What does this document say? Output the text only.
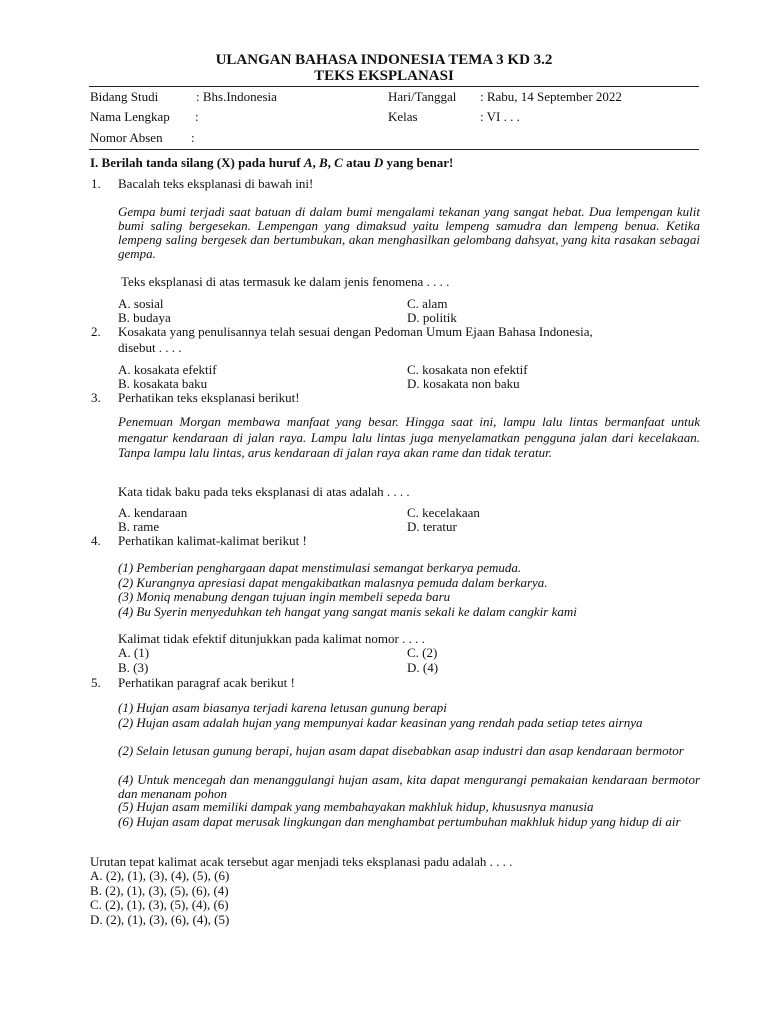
ULANGAN BAHASA INDONESIA TEMA 3 KD 3.2
TEKS EKSPLANASI
Bidang Studi	: Bhs.Indonesia	Hari/Tanggal : Rabu, 14 September 2022
Nama Lengkap :	Kelas	: VI . . .
Nomor Absen :
I. Berilah tanda silang (X) pada huruf A, B, C atau D yang benar!
1. Bacalah teks eksplanasi di bawah ini!
Gempa bumi terjadi saat batuan di dalam bumi mengalami tekanan yang sangat hebat. Dua lempengan kulit bumi saling bergesekan. Lempengan yang dimaksud yaitu lempeng samudra dan lempeng benua. Ketika lempeng saling bergesek dan bertumbukan, akan menghasilkan gelombang dahsyat, yang kita rasakan sebagai gempa.
Teks eksplanasi di atas termasuk ke dalam jenis fenomena . . . .
A. sosial
B. budaya
C. alam
D. politik
2. Kosakata yang penulisannya telah sesuai dengan Pedoman Umum Ejaan Bahasa Indonesia,
disebut . . . .
A. kosakata efektif
B. kosakata baku
C. kosakata non efektif
D. kosakata non baku
3. Perhatikan teks eksplanasi berikut!
Penemuan Morgan membawa manfaat yang besar. Hingga saat ini, lampu lalu lintas bermanfaat untuk mengatur kendaraan di jalan raya. Lampu lalu lintas juga menyelamatkan pengguna jalan dari kecelakaan. Tanpa lampu lalu lintas, arus kendaraan di jalan raya akan rame dan tidak teratur.
Kata tidak baku pada teks eksplanasi di atas adalah . . . .
A. kendaraan
B. rame
C. kecelakaan
D. teratur
4. Perhatikan kalimat-kalimat berikut !
(1) Pemberian penghargaan dapat menstimulasi semangat berkarya pemuda.
(2) Kurangnya apresiasi dapat mengakibatkan malasnya pemuda dalam berkarya.
(3) Moniq menabung dengan tujuan ingin membeli sepeda baru
(4) Bu Syerin menyeduhkan teh hangat yang sangat manis sekali ke dalam cangkir kami
Kalimat tidak efektif ditunjukkan pada kalimat nomor . . . .
A. (1)
B. (3)
C. (2)
D. (4)
5. Perhatikan paragraf acak berikut !
(1) Hujan asam biasanya terjadi karena letusan gunung berapi
(2) Hujan asam adalah hujan yang mempunyai kadar keasinan yang rendah pada setiap tetes airnya
(2) Selain letusan gunung berapi, hujan asam dapat disebabkan asap industri dan asap kendaraan bermotor
(4) Untuk mencegah dan menanggulangi hujan asam, kita dapat mengurangi pemakaian kendaraan bermotor dan menanam pohon
(5) Hujan asam memiliki dampak yang membahayakan makhluk hidup, khususnya manusia
(6) Hujan asam dapat merusak lingkungan dan menghambat pertumbuhan makhluk hidup yang hidup di air
Urutan tepat kalimat acak tersebut agar menjadi teks eksplanasi padu adalah . . . .
A. (2), (1), (3), (4), (5), (6)
B. (2), (1), (3), (5), (6), (4)
C. (2), (1), (3), (5), (4), (6)
D. (2), (1), (3), (6), (4), (5)
